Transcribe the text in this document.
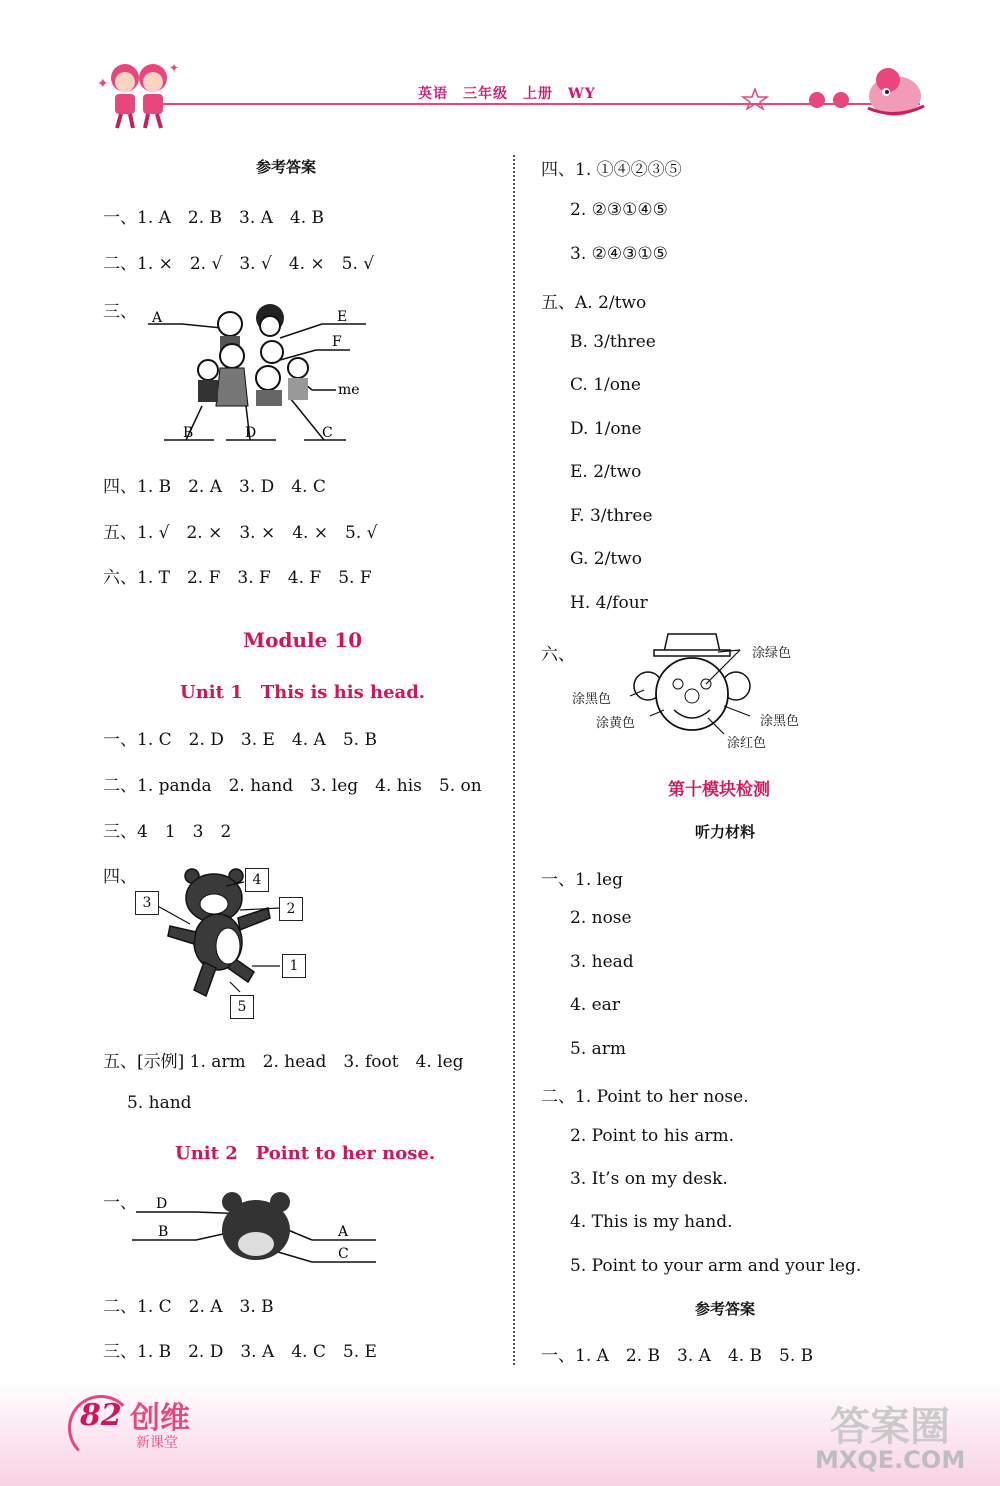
✦
✦
英语　三年级　上册　WY
参考答案
一、1. A　2. B　3. A　4. B
二、1. ×　2. √　3. √　4. ×　5. √
三、 A	E
F
me
B	D	C
四、1. B　2. A　3. D　4. C
五、1. √　2. ×　3. ×　4. ×　5. √
六、1. T　2. F　3. F　4. F　5. F
Module 10
Unit 1　This is his head.
一、1. C　2. D　3. E　4. A　5. B
二、1. panda　2. hand　3. leg　4. his　5. on
三、4　1　3　2
四、
3
4
2
1
5
五、[示例] 1. arm　2. head　3. foot　4. leg
5. hand
Unit 2　Point to her nose.
一、 D
B	A
C
二、1. C　2. A　3. B
三、1. B　2. D　3. A　4. C　5. E
四、1. ①④②③⑤
2. ②③①④⑤
3. ②④③①⑤
五、A. 2/two
B. 3/three
C. 1/one
D. 1/one
E. 2/two
F. 3/three
G. 2/two
H. 4/four
六、	涂绿色
涂黑色
涂黄色	涂黑色
涂红色
第十模块检测
听力材料
一、1. leg
2. nose
3. head
4. ear
5. arm
二、1. Point to her nose.
2. Point to his arm.
3. It’s on my desk.
4. This is my hand.
5. Point to your arm and your leg.
参考答案
一、1. A　2. B　3. A　4. B　5. B
82 创维
新课堂	答案圈
MXQE.COM
